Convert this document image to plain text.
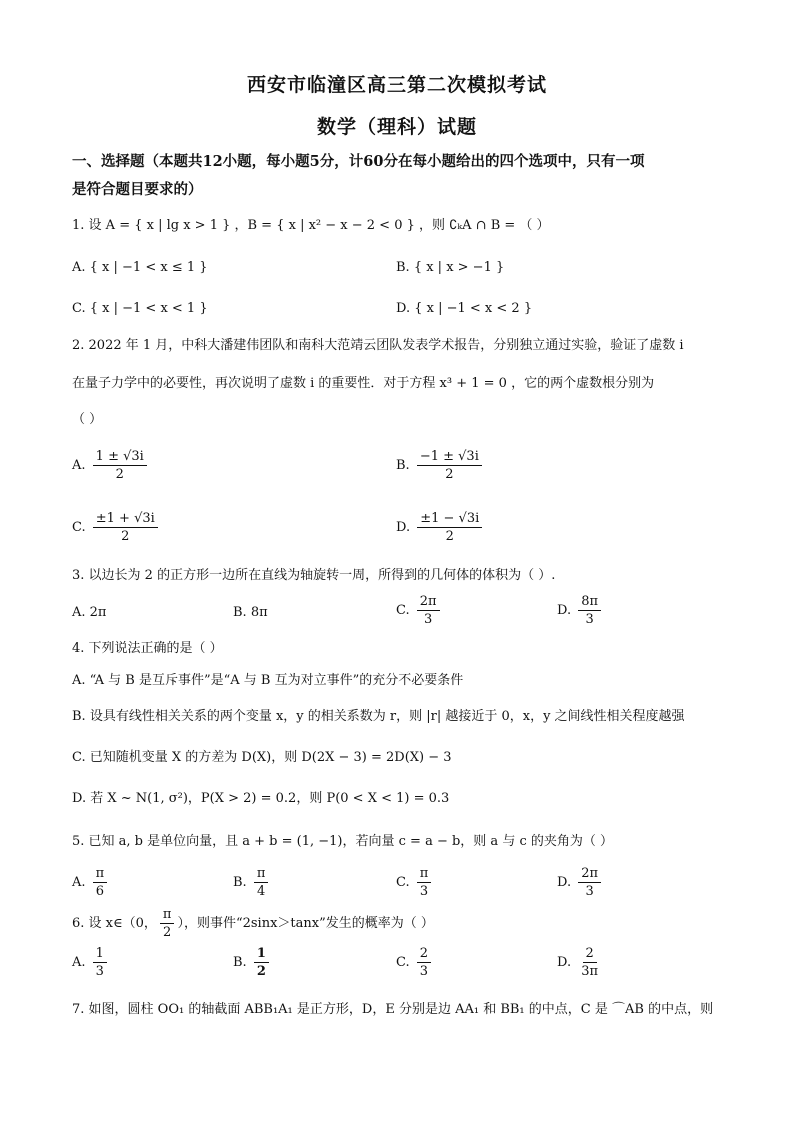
西安市临潼区高三第二次模拟考试
数学（理科）试题
一、选择题（本题共12小题，每小题5分，计60分在每小题给出的四个选项中，只有一项
是符合题目要求的）
1. 设 A = { x | lg x > 1 } ，B = { x | x² − x − 2 < 0 } ，则 ∁ₖA ∩ B = （ ）
A. { x | −1 < x ≤ 1 }	B. { x | x > −1 }
C. { x | −1 < x < 1 }	D. { x | −1 < x < 2 }
2. 2022 年 1 月，中科大潘建伟团队和南科大范靖云团队发表学术报告，分别独立通过实验，验证了虚数 i
在量子力学中的必要性，再次说明了虚数 i 的重要性．对于方程 x³ + 1 = 0 ，它的两个虚数根分别为
（ ）
A. $\frac{1 \pm √3i}{2}$	B. $\frac{-1 \pm √3i}{2}$
C. $\frac{\pm 1 + √3i}{2}$	D. $\frac{\pm 1 - √3i}{2}$
3. 以边长为 2 的正方形一边所在直线为轴旋转一周，所得到的几何体的体积为（ ）.
A. 2π	B. 8π	C. $\frac{2\pi}{3}$	D. $\frac{8\pi}{3}$
4. 下列说法正确的是（ ）
A. “A 与 B 是互斥事件”是“A 与 B 互为对立事件”的充分不必要条件
B. 设具有线性相关关系的两个变量 x，y 的相关系数为 r，则 |r| 越接近于 0，x，y 之间线性相关程度越强
C. 已知随机变量 X 的方差为 D(X)，则 D(2X − 3) = 2D(X) − 3
D. 若 X ~ N(1, σ²)，P(X > 2) = 0.2，则 P(0 < X < 1) = 0.3
5. 已知 a, b 是单位向量，且 a + b = (1, −1)，若向量 c = a − b，则 a 与 c 的夹角为（ ）
A. $\frac{\pi}{6}$	B. $\frac{\pi}{4}$	C. $\frac{\pi}{3}$	D. $\frac{2\pi}{3}$
6. 设 x∈（0， $\frac{\pi}{2}$ ），则事件“2sinx＞tanx”发生的概率为（ ）
A. $\frac{1}{3}$	B. $\frac{1}{2}$	C. $\frac{2}{3}$	D. $\frac{2}{3\pi}$
7. 如图，圆柱 OO₁ 的轴截面 ABB₁A₁ 是正方形，D，E 分别是边 AA₁ 和 BB₁ 的中点，C 是 ⌒AB 的中点，则
